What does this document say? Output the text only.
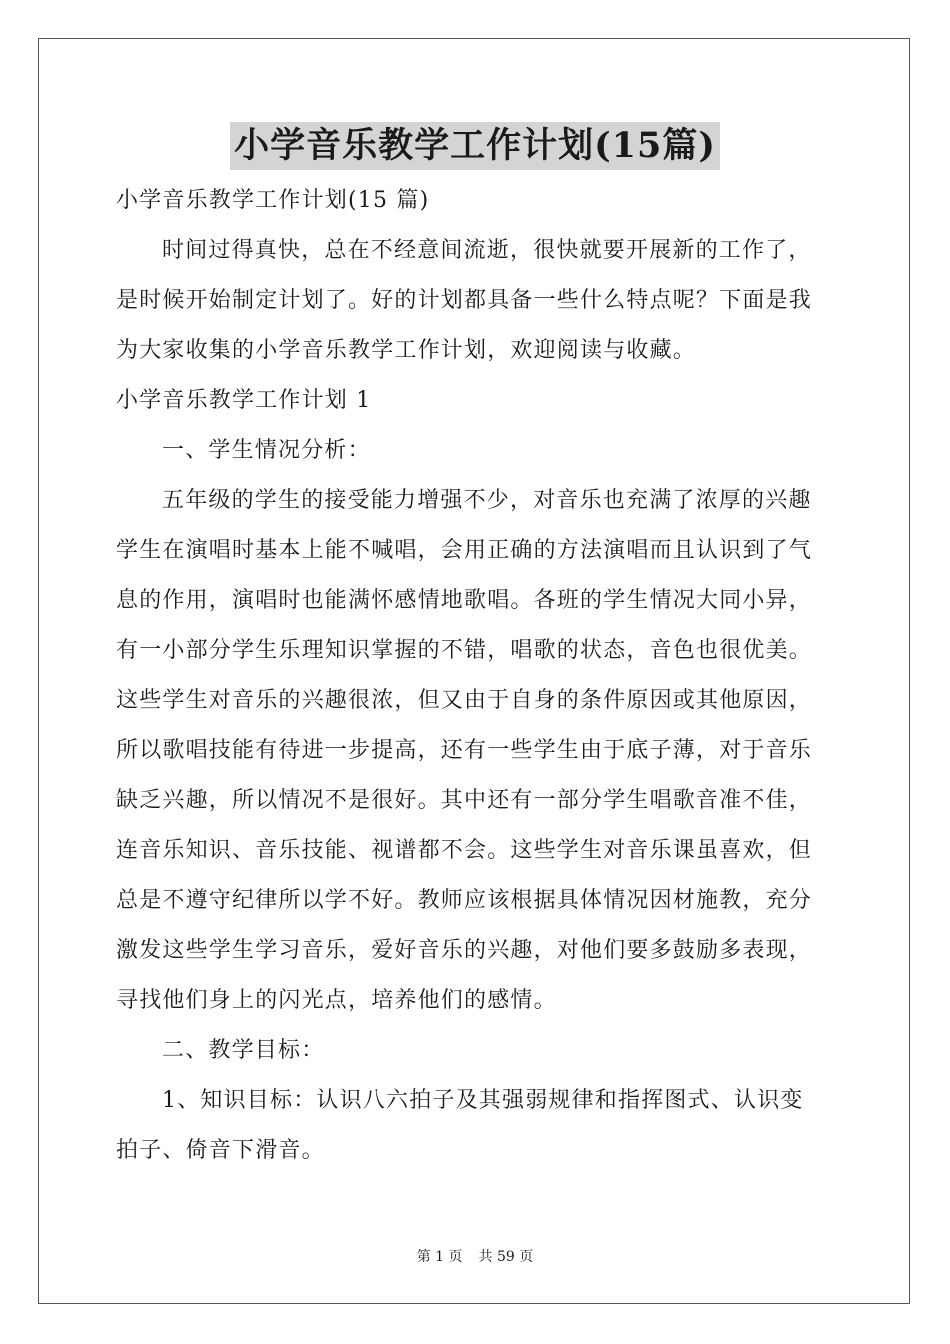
小学音乐教学工作计划(15篇)
小学音乐教学工作计划(15 篇)
时间过得真快，总在不经意间流逝，很快就要开展新的工作了，
是时候开始制定计划了。好的计划都具备一些什么特点呢？下面是我
为大家收集的小学音乐教学工作计划，欢迎阅读与收藏。
小学音乐教学工作计划 1
一、学生情况分析：
五年级的学生的接受能力增强不少，对音乐也充满了浓厚的兴趣
学生在演唱时基本上能不喊唱，会用正确的方法演唱而且认识到了气
息的作用，演唱时也能满怀感情地歌唱。各班的学生情况大同小异，
有一小部分学生乐理知识掌握的不错，唱歌的状态，音色也很优美。
这些学生对音乐的兴趣很浓，但又由于自身的条件原因或其他原因，
所以歌唱技能有待进一步提高，还有一些学生由于底子薄，对于音乐
缺乏兴趣，所以情况不是很好。其中还有一部分学生唱歌音准不佳，
连音乐知识、音乐技能、视谱都不会。这些学生对音乐课虽喜欢，但
总是不遵守纪律所以学不好。教师应该根据具体情况因材施教，充分
激发这些学生学习音乐，爱好音乐的兴趣，对他们要多鼓励多表现，
寻找他们身上的闪光点，培养他们的感情。
二、教学目标：
1、知识目标：认识八六拍子及其强弱规律和指挥图式、认识变
拍子、倚音下滑音。
第 1 页 共 59 页
